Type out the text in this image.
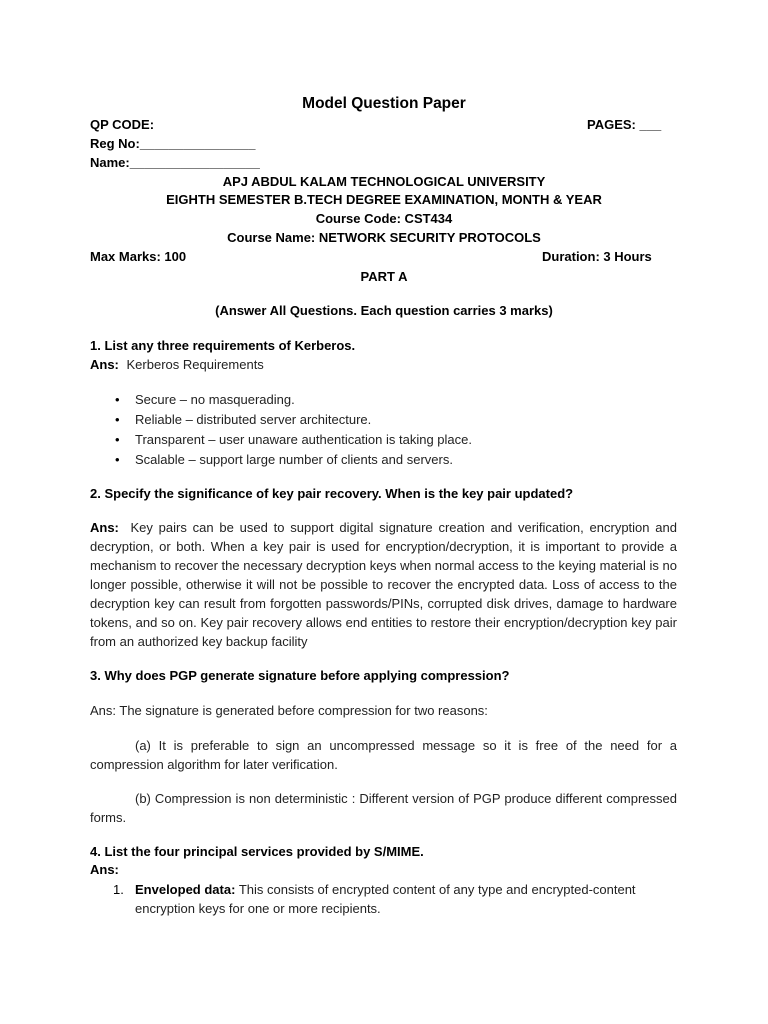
Model Question Paper
QP CODE:	PAGES: ___
Reg No:________________
Name:__________________
APJ ABDUL KALAM TECHNOLOGICAL UNIVERSITY
EIGHTH SEMESTER B.TECH DEGREE EXAMINATION, MONTH & YEAR
Course Code: CST434
Course Name: NETWORK SECURITY PROTOCOLS
Max Marks: 100	Duration: 3 Hours
PART A
(Answer All Questions. Each question carries 3 marks)
1. List any three requirements of Kerberos.
Ans: Kerberos Requirements
• Secure – no masquerading.
• Reliable – distributed server architecture.
• Transparent – user unaware authentication is taking place.
• Scalable – support large number of clients and servers.
2. Specify the significance of key pair recovery. When is the key pair updated?
Ans: Key pairs can be used to support digital signature creation and verification, encryption and decryption, or both. When a key pair is used for encryption/decryption, it is important to provide a mechanism to recover the necessary decryption keys when normal access to the keying material is no longer possible, otherwise it will not be possible to recover the encrypted data. Loss of access to the decryption key can result from forgotten passwords/PINs, corrupted disk drives, damage to hardware tokens, and so on. Key pair recovery allows end entities to restore their encryption/decryption key pair from an authorized key backup facility
3. Why does PGP generate signature before applying compression?
Ans: The signature is generated before compression for two reasons:
(a) It is preferable to sign an uncompressed message so it is free of the need for a compression algorithm for later verification.
(b) Compression is non deterministic : Different version of PGP produce different compressed forms.
4. List the four principal services provided by S/MIME.
Ans:
1. Enveloped data: This consists of encrypted content of any type and encrypted-content encryption keys for one or more recipients.
